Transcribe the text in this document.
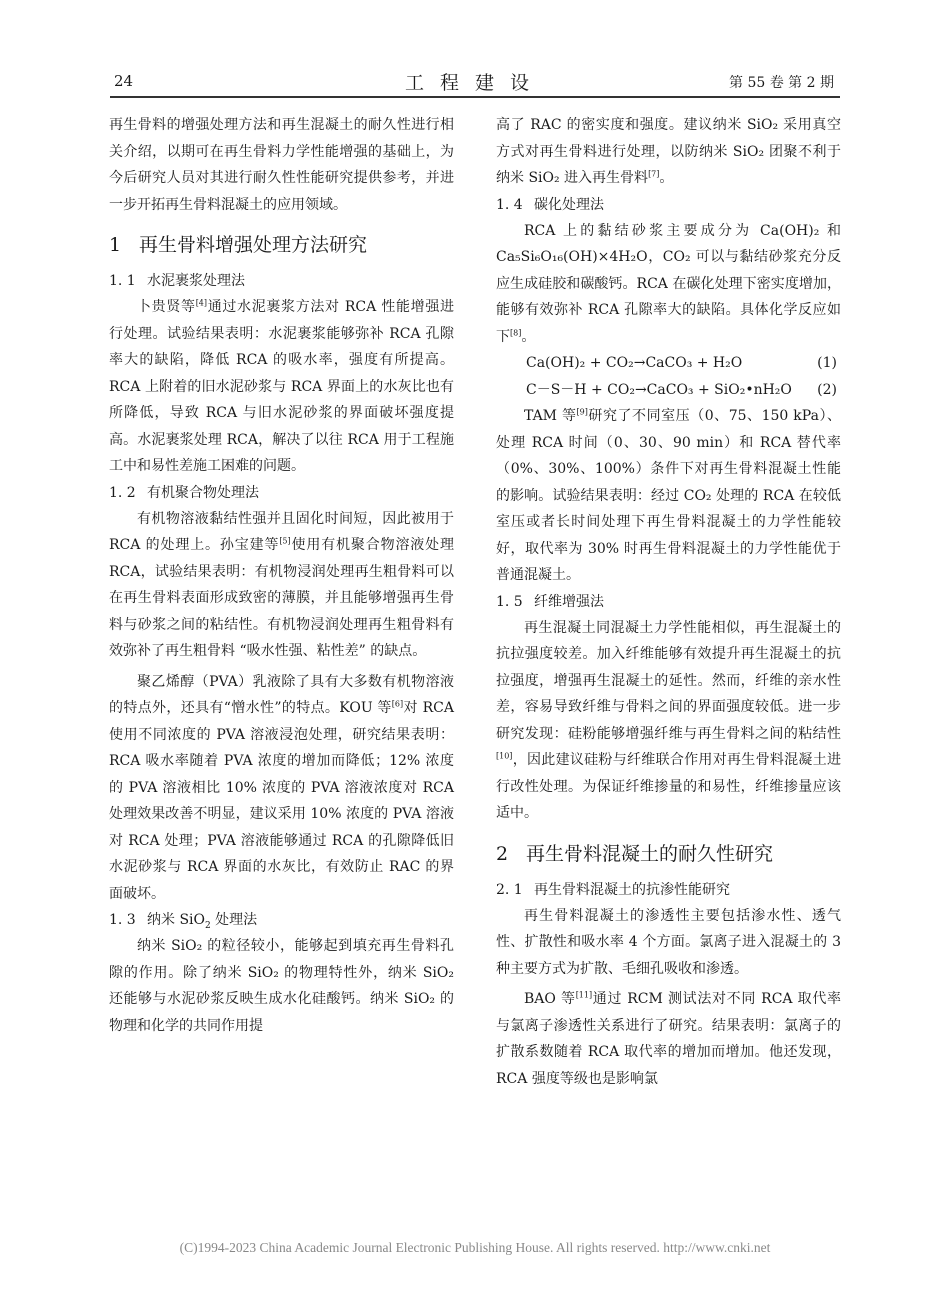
24	工程建设	第 55 卷 第 2 期

再生骨料的增强处理方法和再生混凝土的耐久性进行相关介绍，以期可在再生骨料力学性能增强的基础上，为今后研究人员对其进行耐久性性能研究提供参考，并进一步开拓再生骨料混凝土的应用领域。

1 再生骨料增强处理方法研究
1. 1 水泥裹浆处理法

卜贵贤等[4]通过水泥裹浆方法对 RCA 性能增强进行处理。试验结果表明：水泥裹浆能够弥补 RCA 孔隙率大的缺陷，降低 RCA 的吸水率，强度有所提高。RCA 上附着的旧水泥砂浆与 RCA 界面上的水灰比也有所降低，导致 RCA 与旧水泥砂浆的界面破坏强度提高。水泥裹浆处理 RCA，解决了以往 RCA 用于工程施工中和易性差施工困难的问题。

1. 2 有机聚合物处理法

有机物溶液黏结性强并且固化时间短，因此被用于 RCA 的处理上。孙宝建等[5]使用有机聚合物溶液处理 RCA，试验结果表明：有机物浸润处理再生粗骨料可以在再生骨料表面形成致密的薄膜，并且能够增强再生骨料与砂浆之间的粘结性。有机物浸润处理再生粗骨料有效弥补了再生粗骨料 “吸水性强、粘性差” 的缺点。

聚乙烯醇（PVA）乳液除了具有大多数有机物溶液的特点外，还具有“憎水性”的特点。KOU 等[6]对 RCA 使用不同浓度的 PVA 溶液浸泡处理，研究结果表明：RCA 吸水率随着 PVA 浓度的增加而降低；12% 浓度的 PVA 溶液相比 10% 浓度的 PVA 溶液浓度对 RCA 处理效果改善不明显，建议采用 10% 浓度的 PVA 溶液对 RCA 处理；PVA 溶液能够通过 RCA 的孔隙降低旧水泥砂浆与 RCA 界面的水灰比，有效防止 RAC 的界面破坏。

1. 3 纳米 SiO$_2$ 处理法

纳米 SiO₂ 的粒径较小，能够起到填充再生骨料孔隙的作用。除了纳米 SiO₂ 的物理特性外，纳米 SiO₂ 还能够与水泥砂浆反映生成水化硅酸钙。纳米 SiO₂ 的物理和化学的共同作用提

高了 RAC 的密实度和强度。建议纳米 SiO₂ 采用真空方式对再生骨料进行处理，以防纳米 SiO₂ 团聚不利于纳米 SiO₂ 进入再生骨料[7]。

1. 4 碳化处理法

RCA 上的黏结砂浆主要成分为 Ca(OH)₂ 和 Ca₅Si₆O₁₆(OH)×4H₂O，CO₂ 可以与黏结砂浆充分反应生成硅胶和碳酸钙。RCA 在碳化处理下密实度增加，能够有效弥补 RCA 孔隙率大的缺陷。具体化学反应如下[8]。

Ca(OH)₂ + CO₂→CaCO₃ + H₂O	(1)
C－S－H + CO₂→CaCO₃ + SiO₂•nH₂O (2)

TAM 等[9]研究了不同室压（0、75、150 kPa）、处理 RCA 时间（0、30、90 min）和 RCA 替代率（0%、30%、100%）条件下对再生骨料混凝土性能的影响。试验结果表明：经过 CO₂ 处理的 RCA 在较低室压或者长时间处理下再生骨料混凝土的力学性能较好，取代率为 30% 时再生骨料混凝土的力学性能优于普通混凝土。

1. 5 纤维增强法

再生混凝土同混凝土力学性能相似，再生混凝土的抗拉强度较差。加入纤维能够有效提升再生混凝土的抗拉强度，增强再生混凝土的延性。然而，纤维的亲水性差，容易导致纤维与骨料之间的界面强度较低。进一步研究发现：硅粉能够增强纤维与再生骨料之间的粘结性[10]，因此建议硅粉与纤维联合作用对再生骨料混凝土进行改性处理。为保证纤维掺量的和易性，纤维掺量应该适中。

2 再生骨料混凝土的耐久性研究
2. 1 再生骨料混凝土的抗渗性能研究

再生骨料混凝土的渗透性主要包括渗水性、透气性、扩散性和吸水率 4 个方面。氯离子进入混凝土的 3 种主要方式为扩散、毛细孔吸收和渗透。

BAO 等[11]通过 RCM 测试法对不同 RCA 取代率与氯离子渗透性关系进行了研究。结果表明：氯离子的扩散系数随着 RCA 取代率的增加而增加。他还发现，RCA 强度等级也是影响氯

(C)1994-2023 China Academic Journal Electronic Publishing House. All rights reserved. http://www.cnki.net
